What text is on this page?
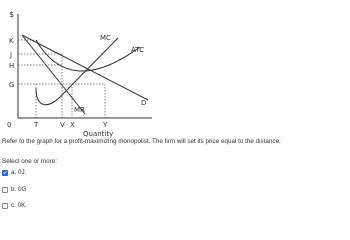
$
K
J
H
G
0	T	V X	Y
Quantity
MC
ATC
D
MR
Refer to the graph for a profit-maximizing monopolist. The firm will set its price equal to the distance:
Select one or more:
a. 0J.
b. 0G
c. 0K.
